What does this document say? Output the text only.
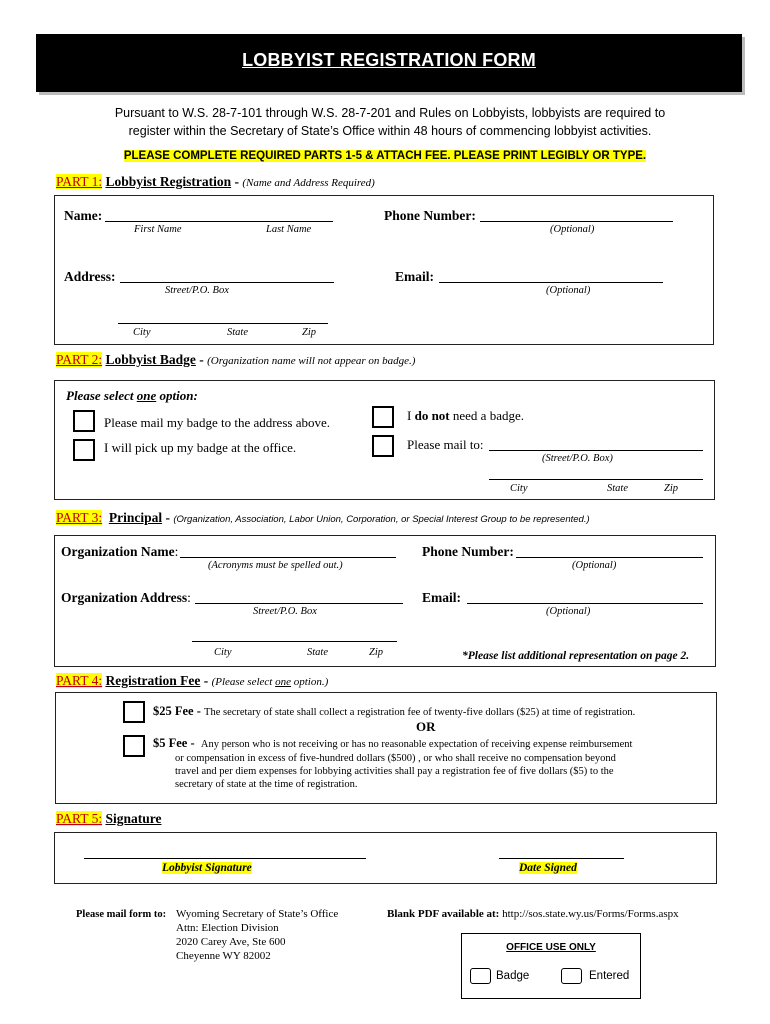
LOBBYIST REGISTRATION FORM
Pursuant to W.S. 28-7-101 through W.S. 28-7-201 and Rules on Lobbyists, lobbyists are required to
register within the Secretary of State’s Office within 48 hours of commencing lobbyist activities.
PLEASE COMPLETE REQUIRED PARTS 1-5 & ATTACH FEE. PLEASE PRINT LEGIBLY OR TYPE.
PART 1: Lobbyist Registration - (Name and Address Required)
Name:
First Name	Last Name
Phone Number:
(Optional)
Address:
Street/P.O. Box
Email:
(Optional)
City	State	Zip
PART 2: Lobbyist Badge - (Organization name will not appear on badge.)
Please select one option:
Please mail my badge to the address above.
I will pick up my badge at the office.
I do not need a badge.
Please mail to:
(Street/P.O. Box)
City	State	Zip
PART 3: Principal - (Organization, Association, Labor Union, Corporation, or Special Interest Group to be represented.)
Organization Name:
(Acronyms must be spelled out.)
Phone Number:
(Optional)
Organization Address:
Street/P.O. Box
Email:
(Optional)
City	State	Zip	*Please list additional representation on page 2.
PART 4: Registration Fee - (Please select one option.)
$25 Fee - The secretary of state shall collect a registration fee of twenty-five dollars ($25) at time of registration.
OR
$5 Fee -  Any person who is not receiving or has no reasonable expectation of receiving expense reimbursement
or compensation in excess of five-hundred dollars ($500) , or who shall receive no compensation beyond
travel and per diem expenses for lobbying activities shall pay a registration fee of five dollars ($5) to the
secretary of state at the time of registration.
PART 5: Signature
Lobbyist Signature	Date Signed
Please mail form to: Wyoming Secretary of State’s Office
Attn: Election Division
2020 Carey Ave, Ste 600
Cheyenne WY 82002
Blank PDF available at: http://sos.state.wy.us/Forms/Forms.aspx
OFFICE USE ONLY
Badge	Entered
